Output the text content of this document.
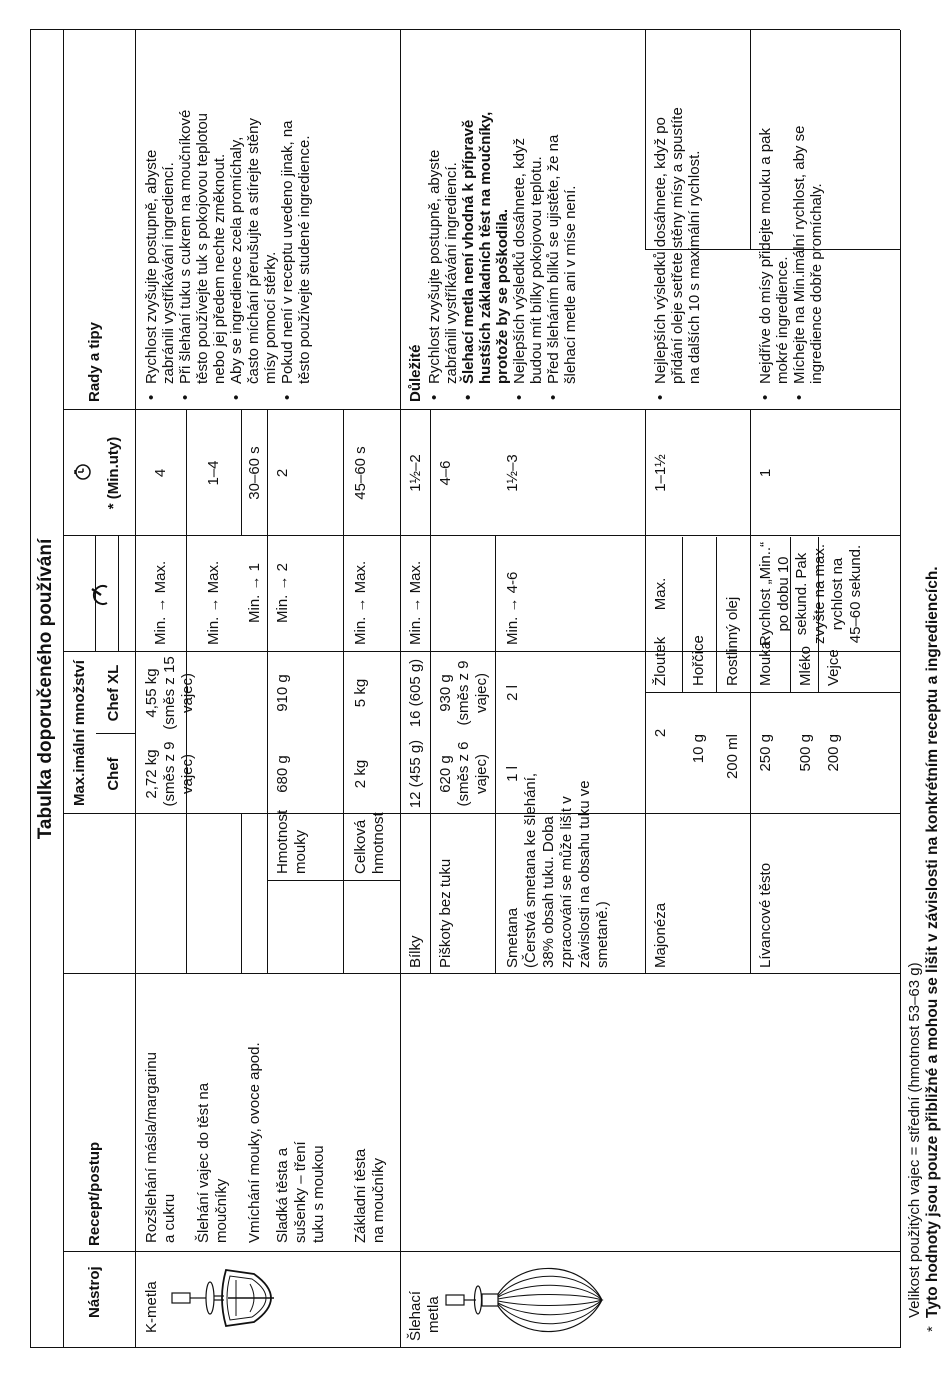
Tabulka doporučeného používání
Nástroj
Recept/postup
Max.imální množství Chef
Chef XL
* (Min.uty)
Rady a tipy
K-metla
Rozšlehání másla/margarinu a cukru
2,72 kg (směs z 9 vajec)
4,55 kg (směs z 15 vajec)
Min. → Max.
4
Šlehání vajec do těst na moučníky
Min. → Max.
1–4
Vmíchání mouky, ovoce apod.
Min. → 1
30–60 s
Sladká těsta a sušenky – tření tuku s moukou
Hmotnost mouky
680 g
910 g
Min. → 2
2
Základní těsta na moučníky
Celková hmotnost
2 kg
5 kg
Min. → Max.
45–60 s
• Rychlost zvyšujte postupně, abyste
zabránili vystříkávání ingrediencí. • Při šlehání tuku s cukrem na moučníkové
těsto používejte tuk s pokojovou teplotou
nebo jej předem nechte změknout. • Aby se ingredience zcela promíchaly,
často míchání přerušujte a stírejte stěny
mísy pomocí stěrky. • Pokud není v receptu uvedeno jinak, na
těsto používejte studené ingredience.
Šlehací metla
Bílky
12 (455 g)
16 (605 g)
Min. → Max.
1½–2
Piškoty bez tuku
620 g (směs z 6 vajec)
930 g (směs z 9 vajec)
4–6
Smetana (Čerstvá smetana ke šlehání, 38% obsah tuku. Doba zpracování se může lišit v závislosti na obsahu tuku ve smetaně.)
1 l
2 l
Min. → 4-6
1½–3
Důležité • Rychlost zvyšujte postupně, abyste
zabránili vystříkávání ingrediencí. • Šlehací metla není vhodná k přípravě
hustších základních těst na moučníky,
protože by se poškodila. • Nejlepších výsledků dosáhnete, když
budou mít bílky pokojovou teplotu. • Před šleháním bílků se ujistěte, že na
šlehací metle ani v míse není.
Majonéza
Žloutek Hořčice Rostlinný olej
2
10 g 200 ml
Max.
1–1½
• Nejlepších výsledků dosáhnete, když po
přidání oleje setřete stěny mísy a spustíte
na dalších 10 s maximální rychlost.
Lívancové těsto
Mouka Mléko Vejce
250 g 500 g 200 g
Rychlost „Min..“ po dobu 10 sekund. Pak zvyšte na max. rychlost na 45–60 sekund.
1
• Nejdříve do mísy přidejte mouku a pak
mokré ingredience. • Míchejte na Min.imální rychlost, aby se
ingredience dobře promíchaly.
Velikost použitých vajec = střední (hmotnost 53–63 g)
*
Tyto hodnoty jsou pouze přibližné a mohou se lišit v závislosti na konkrétním receptu a ingrediencích.
